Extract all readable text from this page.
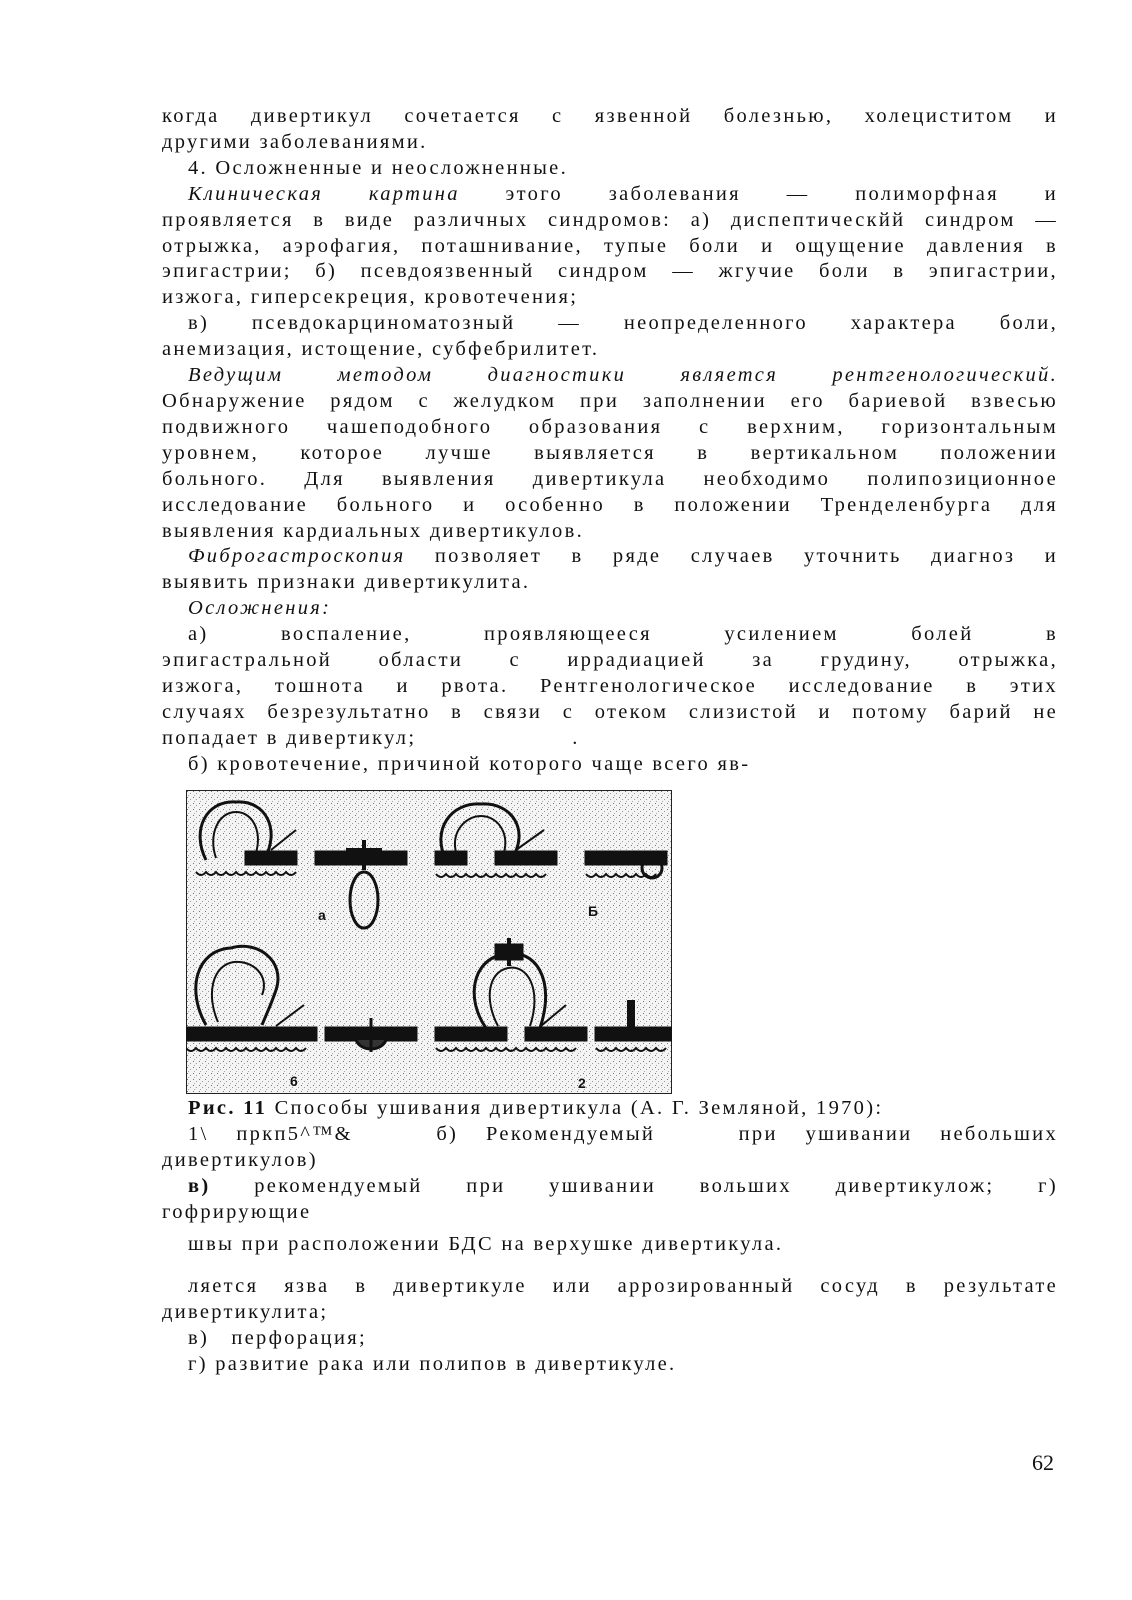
когда дивертикул сочетается с язвенной болезнью, холециститом и

другими заболеваниями.

4. Осложненные и неосложненные.

Клиническая картина этого заболевания — полиморфная и

проявляется в виде различных синдромов: а) диспептическйй синдром —

отрыжка, аэрофагия, поташнивание, тупые боли и ощущение давления в

эпигастрии; б) псевдоязвенный синдром — жгучие боли в эпигастрии,

изжога, гиперсекреция, кровотечения;

в) псевдокарциноматозный — неопределенного характера боли,

анемизация, истощение, субфебрилитет.

Ведущим методом диагностики является рентгенологический.

Обнаружение рядом с желудком при заполнении его бариевой взвесью

подвижного чашеподобного образования с верхним, горизонтальным

уровнем, которое лучше выявляется в вертикальном положении

больного. Для выявления дивертикула необходимо полипозиционное

исследование больного и особенно в положении Тренделенбурга для

выявления кардиальных дивертикулов.

Фиброгастроскопия позволяет в ряде случаев уточнить диагноз и

выявить признаки дивертикулита.

Осложнения:

а) воспаление, проявляющееся усилением болей в

эпигастральной области с иррадиацией за грудину, отрыжка,

изжога, тошнота и рвота. Рентгенологическое исследование в этих

случаях безрезультатно в связи с отеком слизистой и потому барий не

попадает в дивертикул;                     .

б) кровотечение, причиной которого чаще всего яв-

a	Б
6	2

Рис. 11 Способы ушивания дивертикула (А. Г. Земляной, 1970):

1\ пркп5^™&   б) Рекомендуемый   при ушивании небольших

дивертикулов)

в) рекомендуемый при ушивании вольших дивертикулож; г)

гофрирующие

швы при расположении БДС на верхушке дивертикула.

ляется язва в дивертикуле или аррозированный сосуд в результате

дивертикулита;

в)   перфорация;

г) развитие рака или полипов в дивертикуле.

62
